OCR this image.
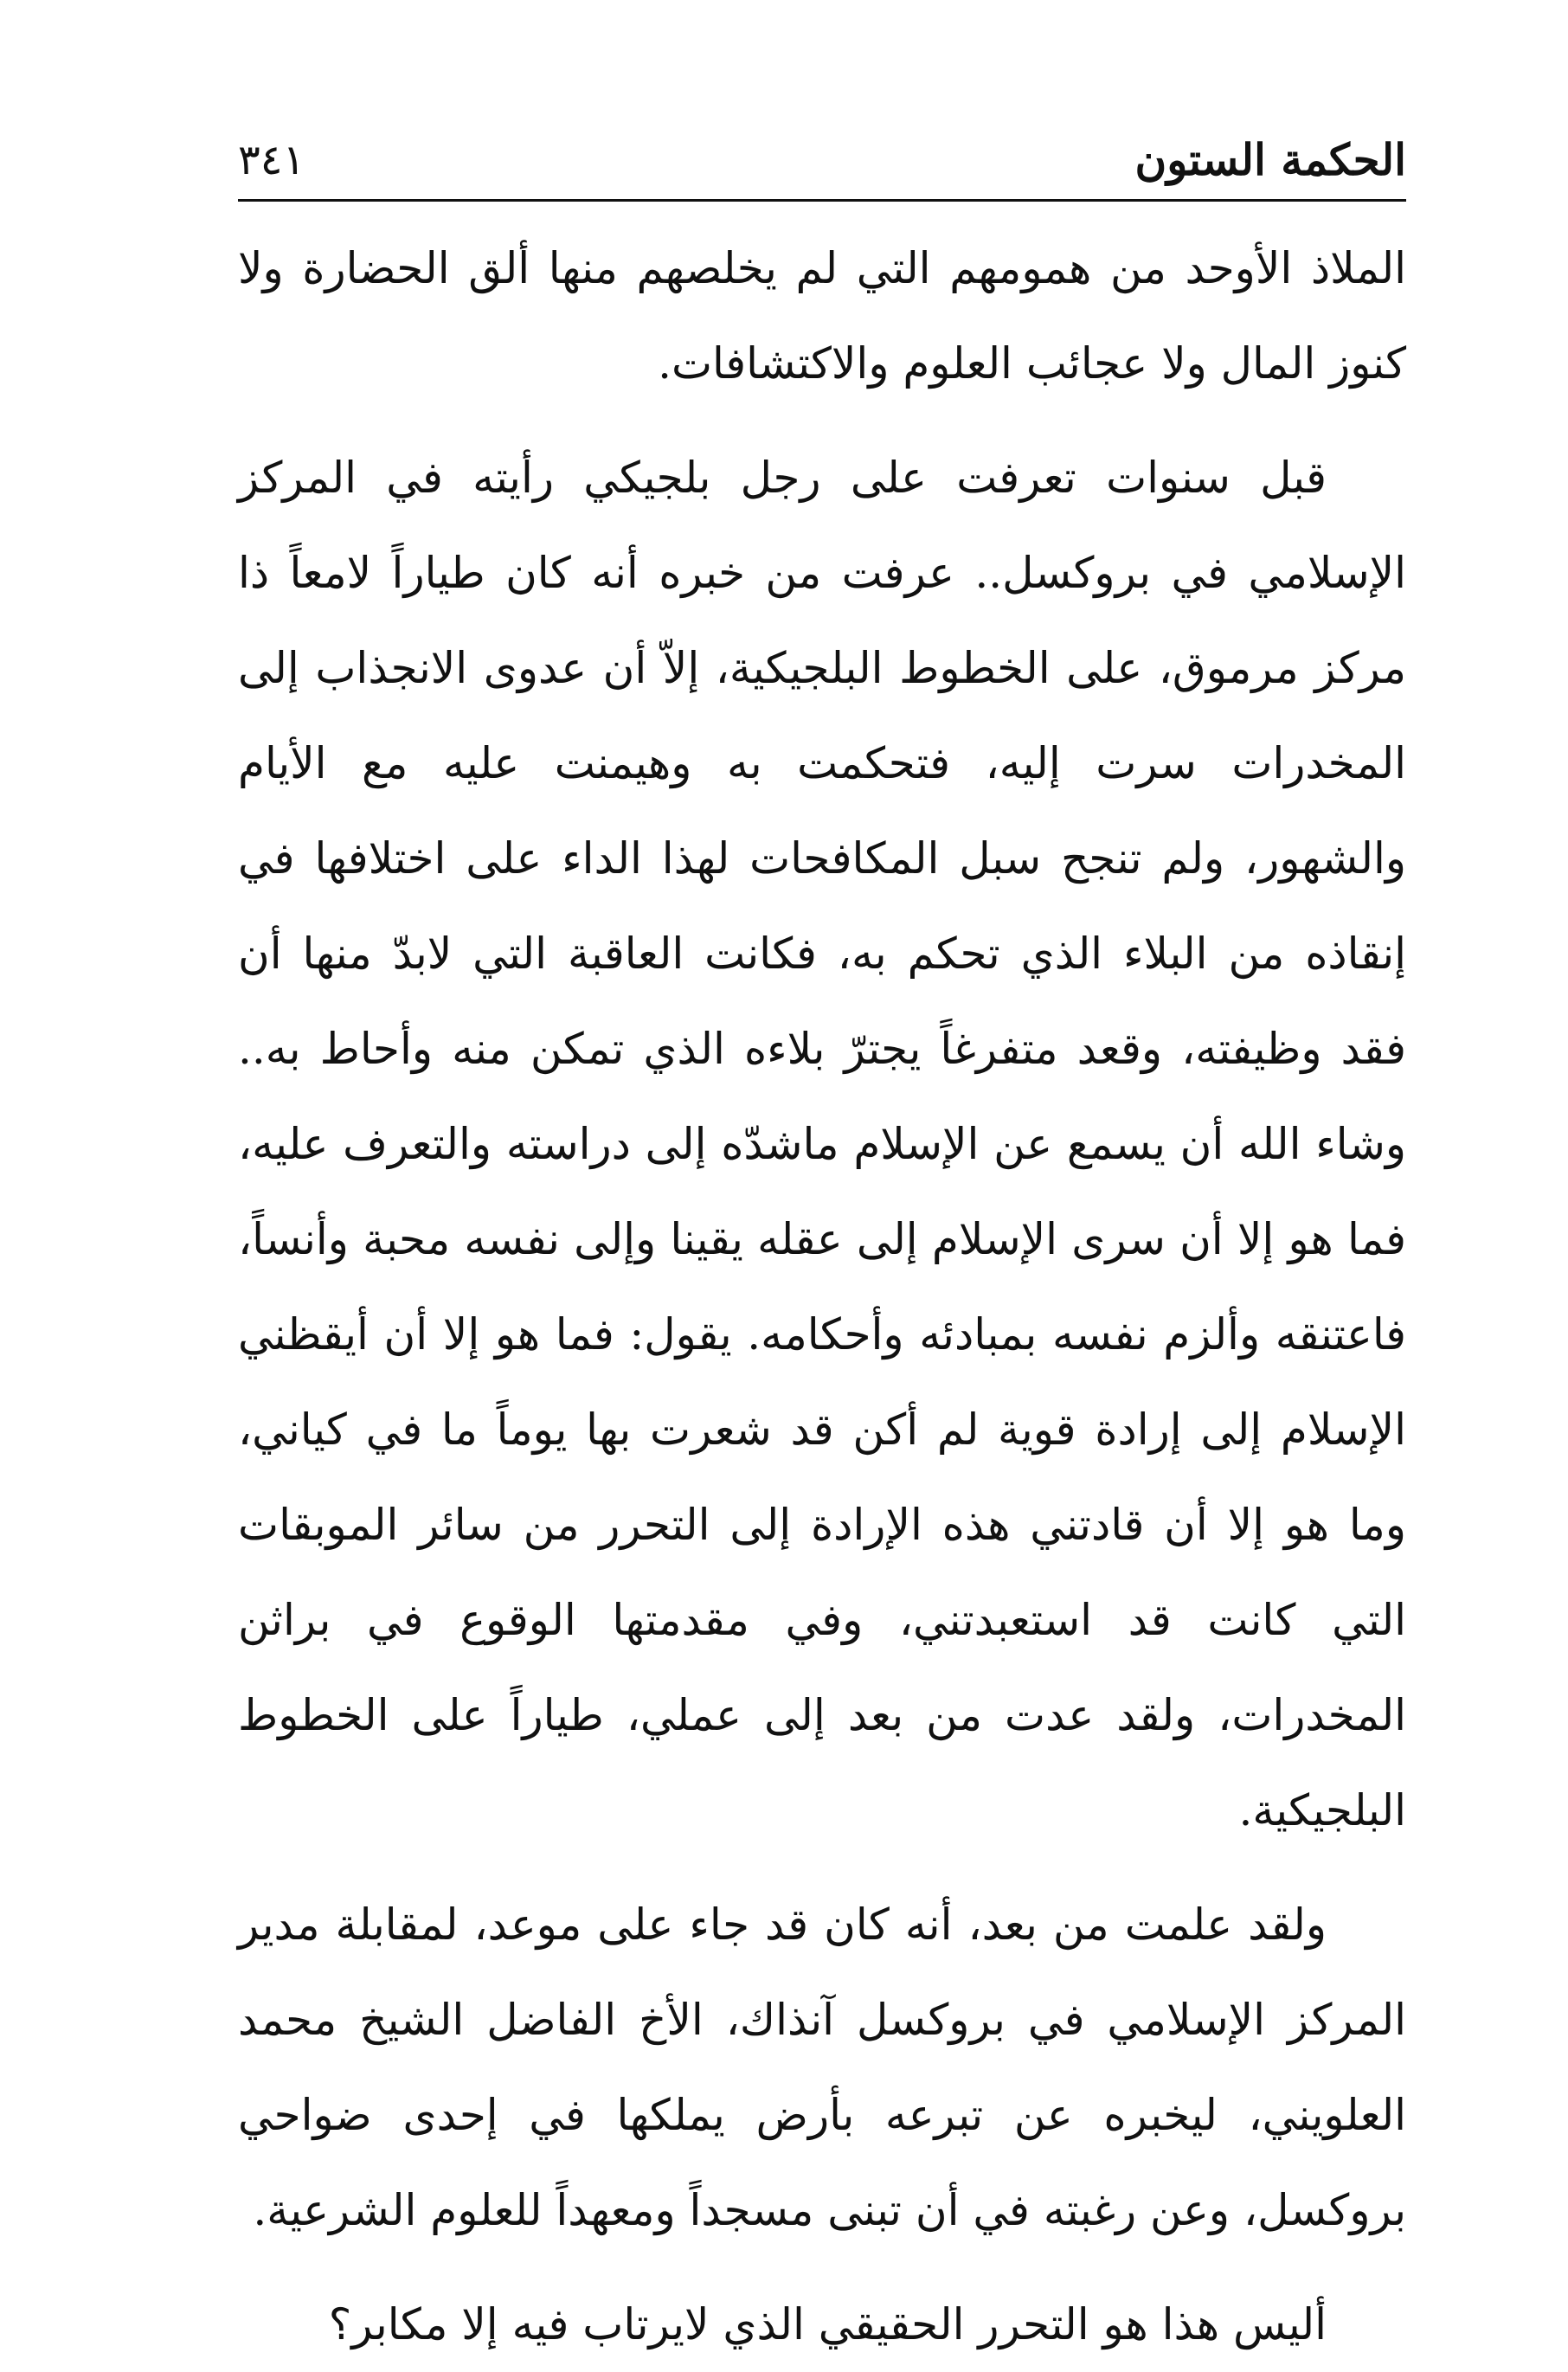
الحكمة الستون
٣٤١

الملاذ الأوحد من همومهم التي لم يخلصهم منها ألق الحضارة ولا كنوز المال ولا عجائب العلوم والاكتشافات.

قبل سنوات تعرفت على رجل بلجيكي رأيته في المركز الإسلامي في بروكسل.. عرفت من خبره أنه كان طياراً لامعاً ذا مركز مرموق، على الخطوط البلجيكية، إلاّ أن عدوى الانجذاب إلى المخدرات سرت إليه، فتحكمت به وهيمنت عليه مع الأيام والشهور، ولم تنجح سبل المكافحات لهذا الداء على اختلافها في إنقاذه من البلاء الذي تحكم به، فكانت العاقبة التي لابدّ منها أن فقد وظيفته، وقعد متفرغاً يجترّ بلاءه الذي تمكن منه وأحاط به.. وشاء الله أن يسمع عن الإسلام ماشدّه إلى دراسته والتعرف عليه، فما هو إلا أن سرى الإسلام إلى عقله يقينا وإلى نفسه محبة وأنساً، فاعتنقه وألزم نفسه بمبادئه وأحكامه. يقول: فما هو إلا أن أيقظني الإسلام إلى إرادة قوية لم أكن قد شعرت بها يوماً ما في كياني، وما هو إلا أن قادتني هذه الإرادة إلى التحرر من سائر الموبقات التي كانت قد استعبدتني، وفي مقدمتها الوقوع في براثن المخدرات، ولقد عدت من بعد إلى عملي، طياراً على الخطوط البلجيكية.

ولقد علمت من بعد، أنه كان قد جاء على موعد، لمقابلة مدير المركز الإسلامي في بروكسل آنذاك، الأخ الفاضل الشيخ محمد العلويني، ليخبره عن تبرعه بأرض يملكها في إحدى ضواحي بروكسل، وعن رغبته في أن تبنى مسجداً ومعهداً للعلوم الشرعية.

أليس هذا هو التحرر الحقيقي الذي لايرتاب فيه إلا مكابر؟
